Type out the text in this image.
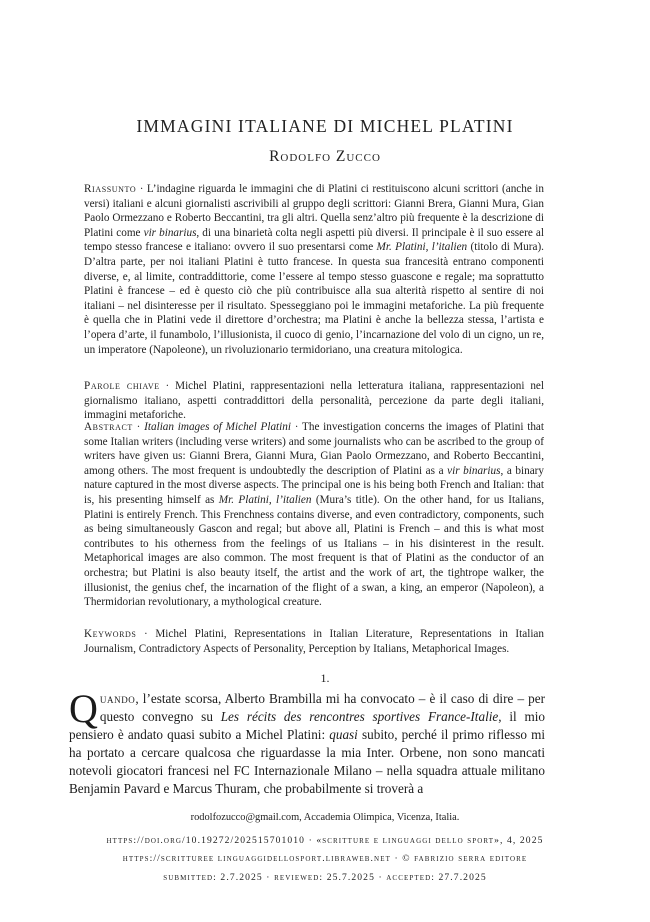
IMMAGINI ITALIANE DI MICHEL PLATINI
Rodolfo Zucco
Riassunto · L’indagine riguarda le immagini che di Platini ci restituiscono alcuni scrittori (anche in versi) italiani e alcuni giornalisti ascrivibili al gruppo degli scrittori: Gianni Brera, Gianni Mura, Gian Paolo Ormezzano e Roberto Beccantini, tra gli altri. Quella senz’altro più frequente è la descrizione di Platini come vir binarius, di una binarietà colta negli aspetti più diversi. Il principale è il suo essere al tempo stesso francese e italiano: ovvero il suo presentarsi come Mr. Platini, l’italien (titolo di Mura). D’altra parte, per noi italiani Platini è tutto francese. In questa sua francesità entrano componenti diverse, e, al limite, contraddittorie, come l’essere al tempo stesso guascone e regale; ma soprattutto Platini è francese – ed è questo ciò che più contribuisce alla sua alterità rispetto al sentire di noi italiani – nel disinteresse per il risultato. Spesseggiano poi le immagini metaforiche. La più frequente è quella che in Platini vede il direttore d’orchestra; ma Platini è anche la bellezza stessa, l’artista e l’opera d’arte, il funambolo, l’illusionista, il cuoco di genio, l’incarnazione del volo di un cigno, un re, un imperatore (Napoleone), un rivoluzionario termidoriano, una creatura mitologica.
Parole chiave · Michel Platini, rappresentazioni nella letteratura italiana, rappresentazioni nel giornalismo italiano, aspetti contraddittori della personalità, percezione da parte degli italiani, immagini metaforiche.
Abstract · Italian images of Michel Platini · The investigation concerns the images of Platini that some Italian writers (including verse writers) and some journalists who can be ascribed to the group of writers have given us: Gianni Brera, Gianni Mura, Gian Paolo Ormezzano, and Roberto Beccantini, among others. The most frequent is undoubtedly the description of Platini as a vir binarius, a binary nature captured in the most diverse aspects. The principal one is his being both French and Italian: that is, his presenting himself as Mr. Platini, l’italien (Mura’s title). On the other hand, for us Italians, Platini is entirely French. This Frenchness contains diverse, and even contradictory, components, such as being simultaneously Gascon and regal; but above all, Platini is French – and this is what most contributes to his otherness from the feelings of us Italians – in his disinterest in the result. Metaphorical images are also common. The most frequent is that of Platini as the conductor of an orchestra; but Platini is also beauty itself, the artist and the work of art, the tightrope walker, the illusionist, the genius chef, the incarnation of the flight of a swan, a king, an emperor (Napoleon), a Thermidorian revolutionary, a mythological creature.
Keywords · Michel Platini, Representations in Italian Literature, Representations in Italian Journalism, Contradictory Aspects of Personality, Perception by Italians, Metaphorical Images.
1.
Quando, l’estate scorsa, Alberto Brambilla mi ha convocato – è il caso di dire – per questo convegno su Les récits des rencontres sportives France-Italie, il mio pensiero è andato quasi subito a Michel Platini: quasi subito, perché il primo riflesso mi ha portato a cercare qualcosa che riguardasse la mia Inter. Orbene, non sono mancati notevoli giocatori francesi nel FC Internazionale Milano – nella squadra attuale militano Benjamin Pavard e Marcus Thuram, che probabilmente si troverà a
rodolfozucco@gmail.com, Accademia Olimpica, Vicenza, Italia.
https://doi.org/10.19272/202515701010 · «scritture e linguaggi dello sport», 4, 2025
https://scritturee linguaggidellosport.libraweb.net · © fabrizio serra editore
submitted: 2.7.2025 · reviewed: 25.7.2025 · accepted: 27.7.2025
